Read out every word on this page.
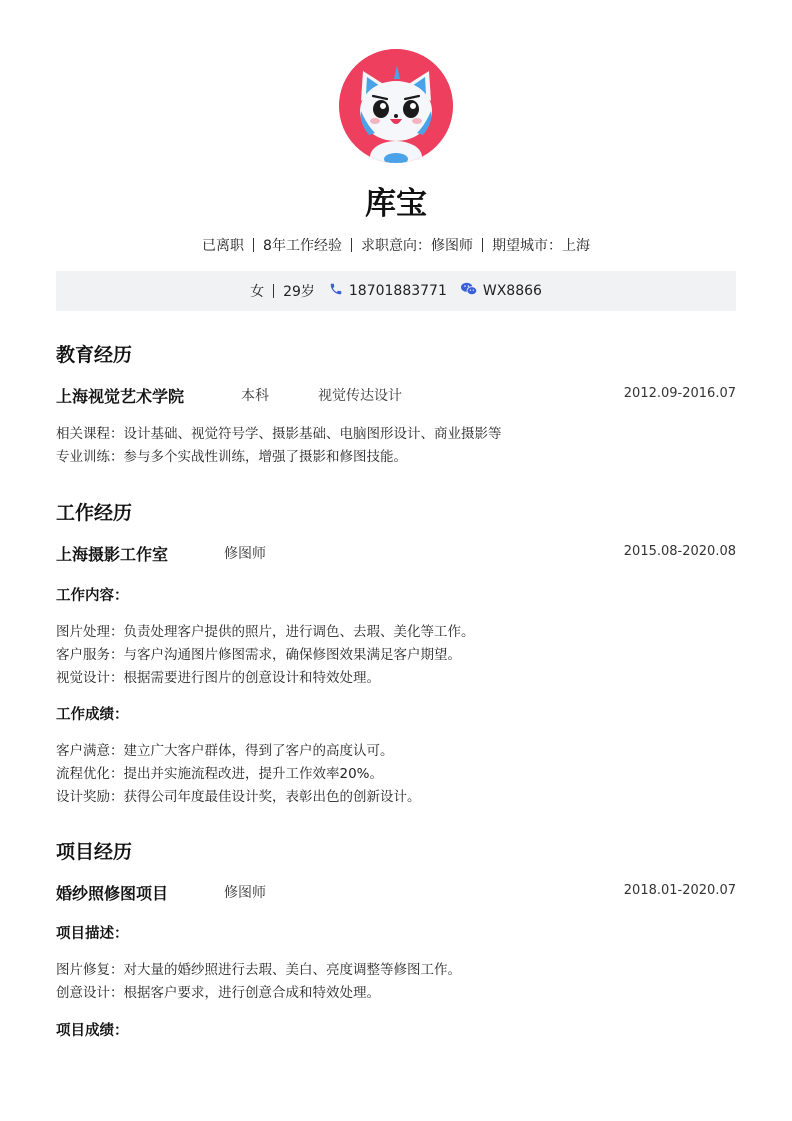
库宝
已离职 8年工作经验 求职意向：修图师 期望城市：上海
女 29岁 18701883771	WX8866
教育经历
上海视觉艺术学院	本科	视觉传达设计	2012.09-2016.07
相关课程：设计基础、视觉符号学、摄影基础、电脑图形设计、商业摄影等
专业训练：参与多个实战性训练，增强了摄影和修图技能。
工作经历
上海摄影工作室	修图师	2015.08-2020.08
工作内容：
图片处理：负责处理客户提供的照片，进行调色、去瑕、美化等工作。
客户服务：与客户沟通图片修图需求，确保修图效果满足客户期望。
视觉设计：根据需要进行图片的创意设计和特效处理。
工作成绩：
客户满意：建立广大客户群体，得到了客户的高度认可。
流程优化：提出并实施流程改进，提升工作效率20%。
设计奖励：获得公司年度最佳设计奖，表彰出色的创新设计。
项目经历
婚纱照修图项目	修图师	2018.01-2020.07
项目描述：
图片修复：对大量的婚纱照进行去瑕、美白、亮度调整等修图工作。
创意设计：根据客户要求，进行创意合成和特效处理。
项目成绩：
